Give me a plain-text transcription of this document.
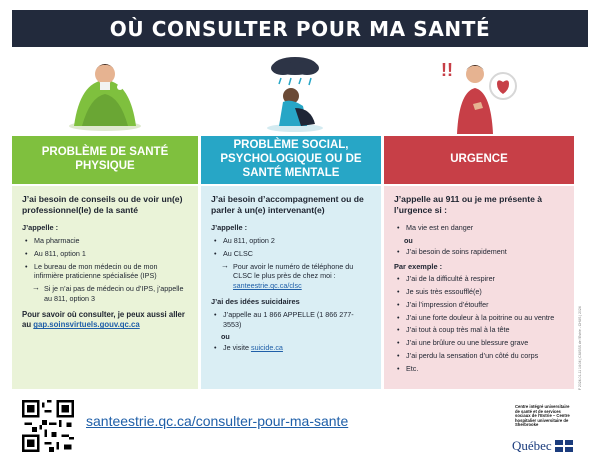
OÙ CONSULTER POUR MA SANTÉ
!!
PROBLÈME DE SANTÉ PHYSIQUE
PROBLÈME SOCIAL, PSYCHOLOGIQUE OU DE SANTÉ MENTALE
URGENCE
J’ai besoin de conseils ou de voir un(e) professionnel(le) de la santé
J’appelle :
• Ma pharmacie
• Au 811, option 1
• Le bureau de mon médecin ou de mon infirmière praticienne spécialisée (IPS)
→ Si je n’ai pas de médecin ou d’IPS, j’appelle au 811, option 3
Pour savoir où consulter, je peux aussi aller au gap.soinsvirtuels.gouv.qc.ca
J’ai besoin d’accompagnement ou de parler à un(e) intervenant(e)
J’appelle :
• Au 811, option 2
• Au CLSC
→ Pour avoir le numéro de téléphone du CLSC le plus près de chez moi : santeestrie.qc.ca/clsc
J’ai des idées suicidaires
• J’appelle au 1 866 APPELLE (1 866 277-3553)
ou
• Je visite suicide.ca
J’appelle au 911 ou je me présente à l’urgence si :
• Ma vie est en danger
ou
• J’ai besoin de soins rapidement
Par exemple :
• J’ai de la difficulté à respirer
• Je suis très essoufflé(e)
• J’ai l’impression d’étouffer
• J’ai une forte douleur à la poitrine ou au ventre
• J’ai tout à coup très mal à la tête
• J’ai une brûlure ou une blessure grave
• J’ai perdu la sensation d’un côté du corps
• Etc.	F 2024-01-11 14:04 | CIUSSS de l’Estrie - CHUS | 2024
santeestrie.qc.ca/consulter-pour-ma-sante
Centre intégré universitaire de santé et de services sociaux de l’Estrie – Centre hospitalier universitaire de Sherbrooke
Québec
